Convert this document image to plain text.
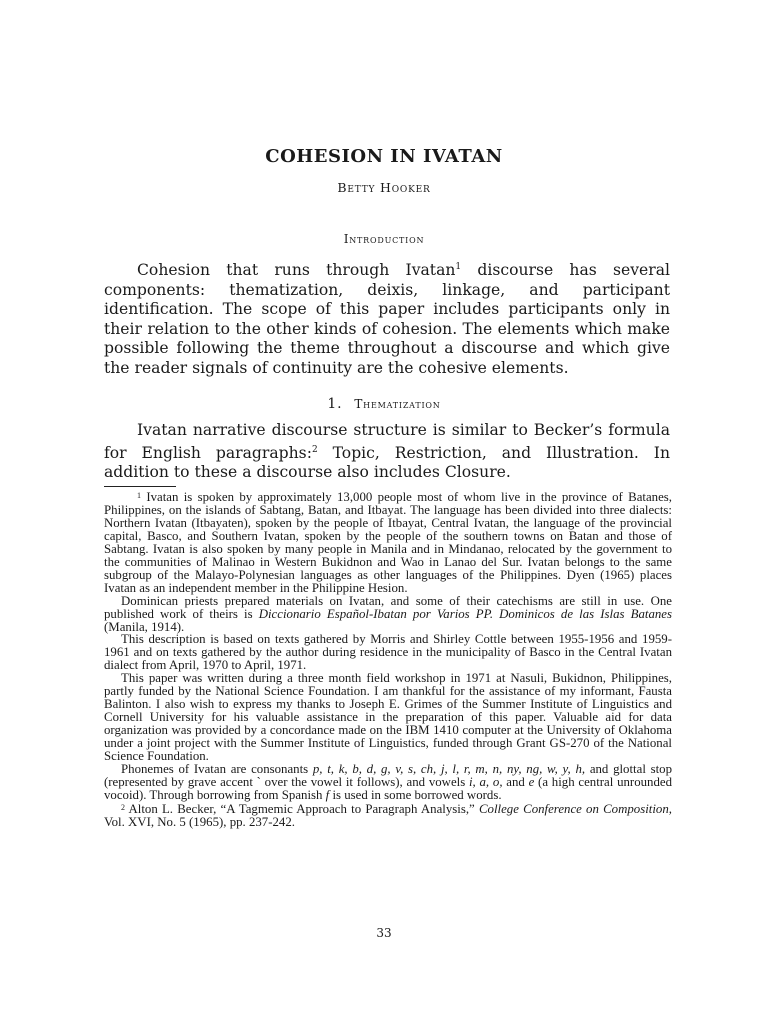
COHESION IN IVATAN
Betty Hooker
Introduction
Cohesion that runs through Ivatan$^1$ discourse has several components: thematization, deixis, linkage, and participant identification. The scope of this paper includes participants only in their relation to the other kinds of cohesion. The elements which make possible following the theme throughout a discourse and which give the reader signals of continuity are the cohesive elements.
1. Thematization
Ivatan narrative discourse structure is similar to Becker’s formula for English paragraphs:$^2$ Topic, Restriction, and Illustration. In addition to these a discourse also includes Closure.

$^1$ Ivatan is spoken by approximately 13,000 people most of whom live in the province of Batanes, Philippines, on the islands of Sabtang, Batan, and Itbayat. The language has been divided into three dialects: Northern Ivatan (Itbayaten), spoken by the people of Itbayat, Central Ivatan, the language of the provincial capital, Basco, and Southern Ivatan, spoken by the people of the southern towns on Batan and those of Sabtang. Ivatan is also spoken by many people in Manila and in Mindanao, relocated by the government to the communities of Malinao in Western Bukidnon and Wao in Lanao del Sur. Ivatan belongs to the same subgroup of the Malayo-Polynesian languages as other languages of the Philippines. Dyen (1965) places Ivatan as an independent member in the Philippine Hesion.

Dominican priests prepared materials on Ivatan, and some of their catechisms are still in use. One published work of theirs is Diccionario Español-Ibatan por Varios PP. Dominicos de las Islas Batanes (Manila, 1914).

This description is based on texts gathered by Morris and Shirley Cottle between 1955-1956 and 1959-1961 and on texts gathered by the author during residence in the municipality of Basco in the Central Ivatan dialect from April, 1970 to April, 1971.

This paper was written during a three month field workshop in 1971 at Nasuli, Bukidnon, Philippines, partly funded by the National Science Foundation. I am thankful for the assistance of my informant, Fausta Balinton. I also wish to express my thanks to Joseph E. Grimes of the Summer Institute of Linguistics and Cornell University for his valuable assistance in the preparation of this paper. Valuable aid for data organization was provided by a concordance made on the IBM 1410 computer at the University of Oklahoma under a joint project with the Summer Institute of Linguistics, funded through Grant GS-270 of the National Science Foundation.

Phonemes of Ivatan are consonants p, t, k, b, d, g, v, s, ch, j, l, r, m, n, ny, ng, w, y, h, and glottal stop (represented by grave accent ` over the vowel it follows), and vowels i, a, o, and e (a high central unrounded vocoid). Through borrowing from Spanish f is used in some borrowed words.

$^2$ Alton L. Becker, “A Tagmemic Approach to Paragraph Analysis,” College Conference on Composition, Vol. XVI, No. 5 (1965), pp. 237-242.

33
